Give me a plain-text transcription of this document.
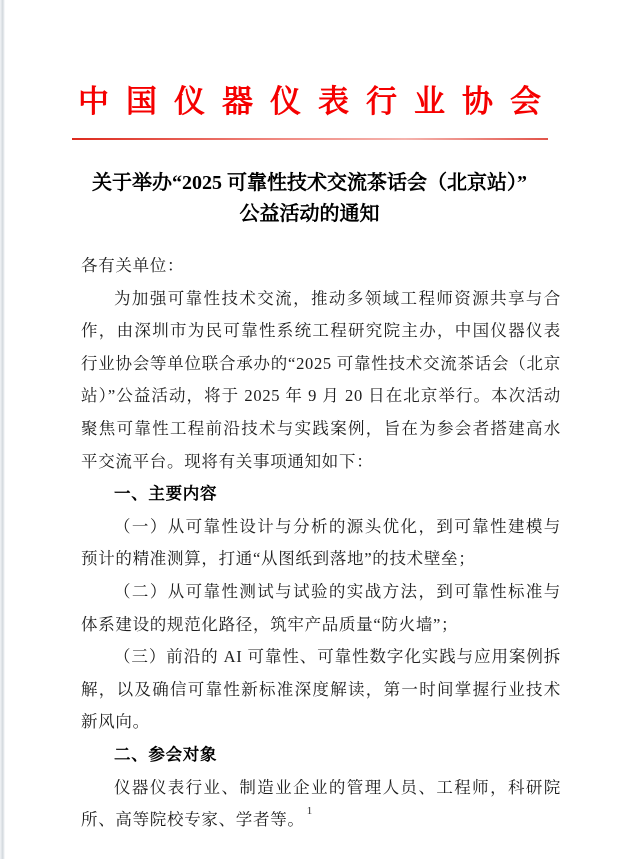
中国仪器仪表行业协会
关于举办“2025 可靠性技术交流茶话会（北京站）”
公益活动的通知

各有关单位：

为加强可靠性技术交流，推动多领域工程师资源共享与合作，由深圳市为民可靠性系统工程研究院主办，中国仪器仪表行业协会等单位联合承办的“2025 可靠性技术交流茶话会（北京站）”公益活动，将于 2025 年 9 月 20 日在北京举行。本次活动聚焦可靠性工程前沿技术与实践案例，旨在为参会者搭建高水平交流平台。现将有关事项通知如下：

一、主要内容

（一）从可靠性设计与分析的源头优化，到可靠性建模与预计的精准测算，打通“从图纸到落地”的技术壁垒；

（二）从可靠性测试与试验的实战方法，到可靠性标准与体系建设的规范化路径，筑牢产品质量“防火墙”；

（三）前沿的 AI 可靠性、可靠性数字化实践与应用案例拆解，以及确信可靠性新标准深度解读，第一时间掌握行业技术新风向。

二、参会对象

仪器仪表行业、制造业企业的管理人员、工程师，科研院所、高等院校专家、学者等。 1
